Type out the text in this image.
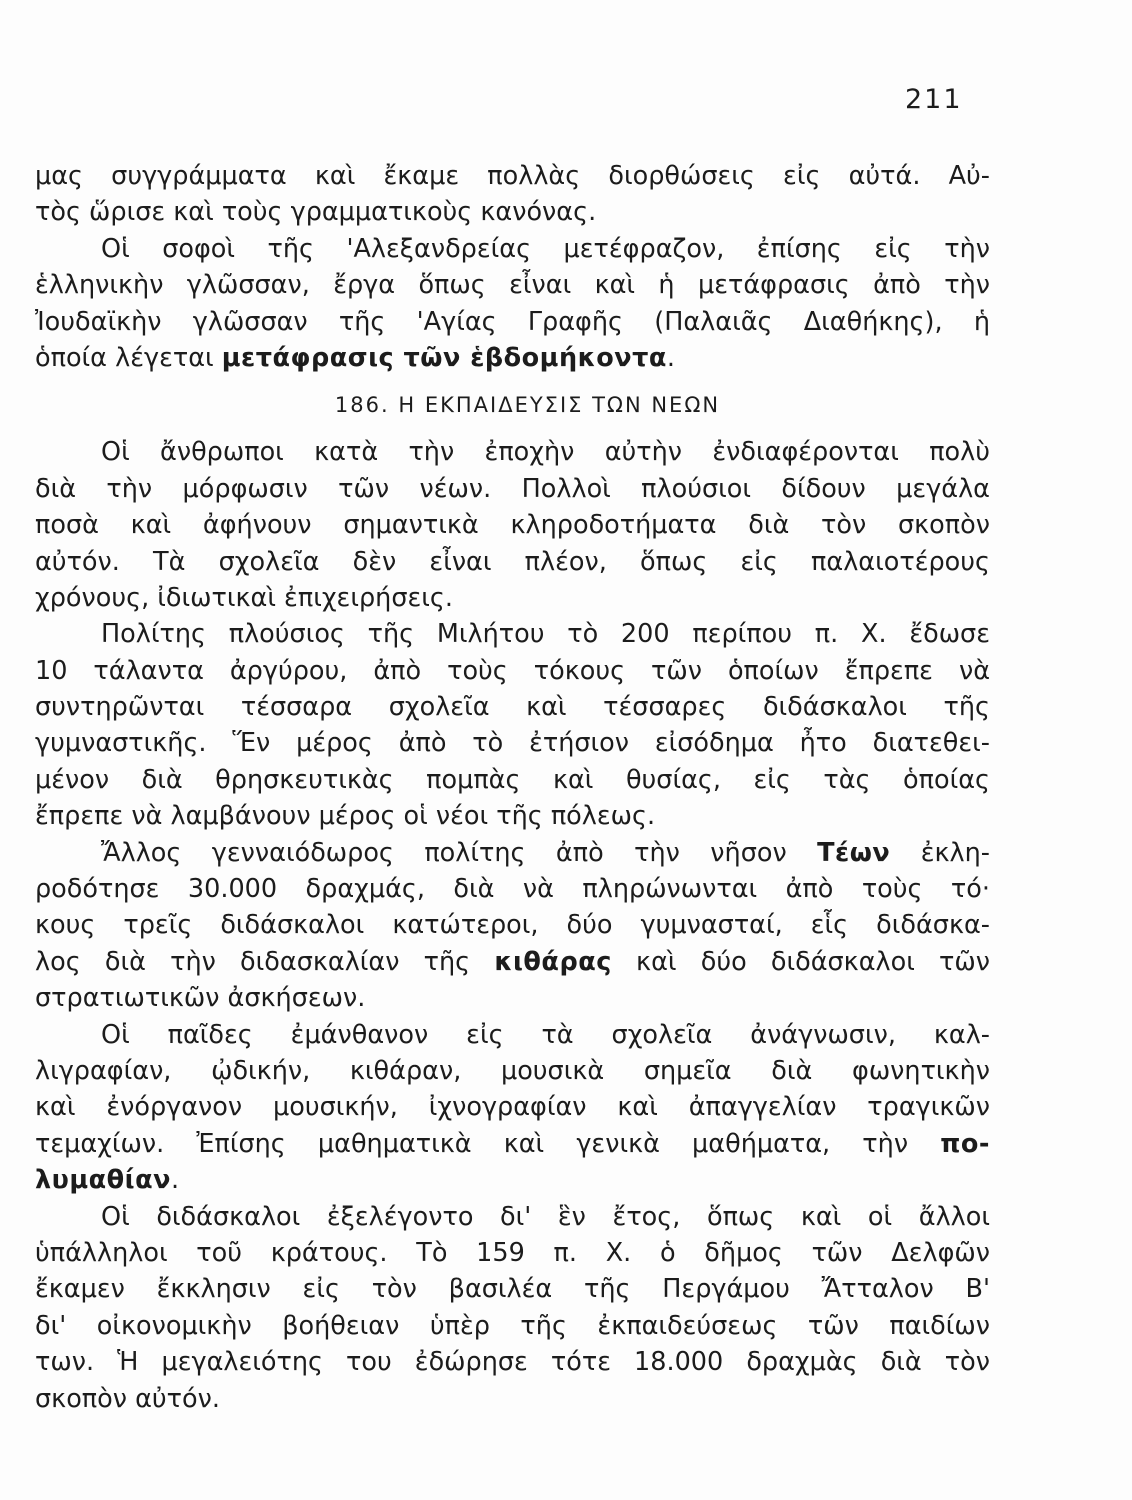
211
μας συγγράμματα καὶ ἔκαμε πολλὰς διορθώσεις εἰς αὐτά. Αὐ-
τὸς ὥρισε καὶ τοὺς γραμματικοὺς κανόνας.
Οἱ σοφοὶ τῆς 'Αλεξανδρείας μετέφραζον, ἐπίσης εἰς τὴν
ἑλληνικὴν γλῶσσαν, ἔργα ὅπως εἶναι καὶ ἡ μετάφρασις ἀπὸ τὴν
Ἰουδαϊκὴν γλῶσσαν τῆς 'Αγίας Γραφῆς (Παλαιᾶς Διαθήκης), ἡ
ὁποία λέγεται μετάφρασις τῶν ἑβδομήκοντα.
186. Η ΕΚΠΑΙΔΕΥΣΙΣ ΤΩΝ ΝΕΩΝ
Οἱ ἄνθρωποι κατὰ τὴν ἐποχὴν αὐτὴν ἐνδιαφέρονται πολὺ
διὰ τὴν μόρφωσιν τῶν νέων. Πολλοὶ πλούσιοι δίδουν μεγάλα
ποσὰ καὶ ἀφήνουν σημαντικὰ κληροδοτήματα διὰ τὸν σκοπὸν
αὐτόν. Τὰ σχολεῖα δὲν εἶναι πλέον, ὅπως εἰς παλαιοτέρους
χρόνους, ἰδιωτικαὶ ἐπιχειρήσεις.
Πολίτης πλούσιος τῆς Μιλήτου τὸ 200 περίπου π. Χ. ἔδωσε
10 τάλαντα ἀργύρου, ἀπὸ τοὺς τόκους τῶν ὁποίων ἔπρεπε νὰ
συντηρῶνται τέσσαρα σχολεῖα καὶ τέσσαρες διδάσκαλοι τῆς
γυμναστικῆς. Ἕν μέρος ἀπὸ τὸ ἐτήσιον εἰσόδημα ἦτο διατεθει-
μένον διὰ θρησκευτικὰς πομπὰς καὶ θυσίας, εἰς τὰς ὁποίας
ἔπρεπε νὰ λαμβάνουν μέρος οἱ νέοι τῆς πόλεως.
Ἄλλος γενναιόδωρος πολίτης ἀπὸ τὴν νῆσον Τέων ἐκλη-
ροδότησε 30.000 δραχμάς, διὰ νὰ πληρώνωνται ἀπὸ τοὺς τό·
κους τρεῖς διδάσκαλοι κατώτεροι, δύο γυμνασταί, εἷς διδάσκα-
λος διὰ τὴν διδασκαλίαν τῆς κιθάρας καὶ δύο διδάσκαλοι τῶν
στρατιωτικῶν ἀσκήσεων.
Οἱ παῖδες ἐμάνθανον εἰς τὰ σχολεῖα ἀνάγνωσιν, καλ-
λιγραφίαν, ᾠδικήν, κιθάραν, μουσικὰ σημεῖα διὰ φωνητικὴν
καὶ ἐνόργανον μουσικήν, ἰχνογραφίαν καὶ ἀπαγγελίαν τραγικῶν
τεμαχίων. Ἐπίσης μαθηματικὰ καὶ γενικὰ μαθήματα, τὴν πο-
λυμαθίαν.
Οἱ διδάσκαλοι ἐξελέγοντο δι' ἓν ἔτος, ὅπως καὶ οἱ ἄλλοι
ὑπάλληλοι τοῦ κράτους. Τὸ 159 π. Χ. ὁ δῆμος τῶν Δελφῶν
ἔκαμεν ἔκκλησιν εἰς τὸν βασιλέα τῆς Περγάμου Ἄτταλον Β'
δι' οἰκονομικὴν βοήθειαν ὑπὲρ τῆς ἐκπαιδεύσεως τῶν παιδίων
των. Ἡ μεγαλειότης του ἐδώρησε τότε 18.000 δραχμὰς διὰ τὸν
σκοπὸν αὐτόν.
